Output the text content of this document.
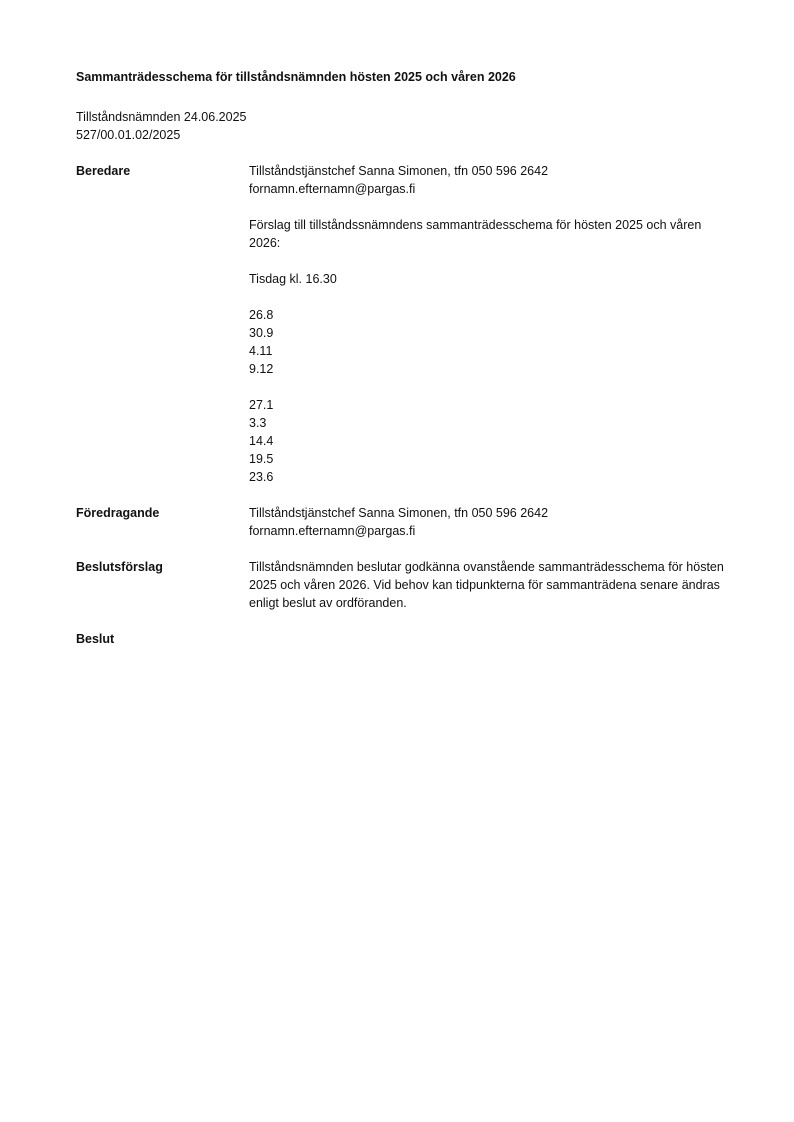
Sammanträdesschema för tillståndsnämnden hösten 2025 och våren 2026

Tillståndsnämnden 24.06.2025

527/00.01.02/2025

Beredare	Tillståndstjänstchef Sanna Simonen, tfn 050 596 2642

fornamn.efternamn@pargas.fi

Förslag till tillståndssnämndens sammanträdesschema för hösten 2025 och våren 2026:

Tisdag kl. 16.30

26.8

30.9

4.11

9.12

27.1

3.3

14.4

19.5

23.6

Föredragande	Tillståndstjänstchef Sanna Simonen, tfn 050 596 2642

fornamn.efternamn@pargas.fi

Beslutsförslag	Tillståndsnämnden beslutar godkänna ovanstående sammanträdesschema för hösten 2025 och våren 2026. Vid behov kan tidpunkterna för sammanträdena senare ändras enligt beslut av ordföranden.

Beslut
